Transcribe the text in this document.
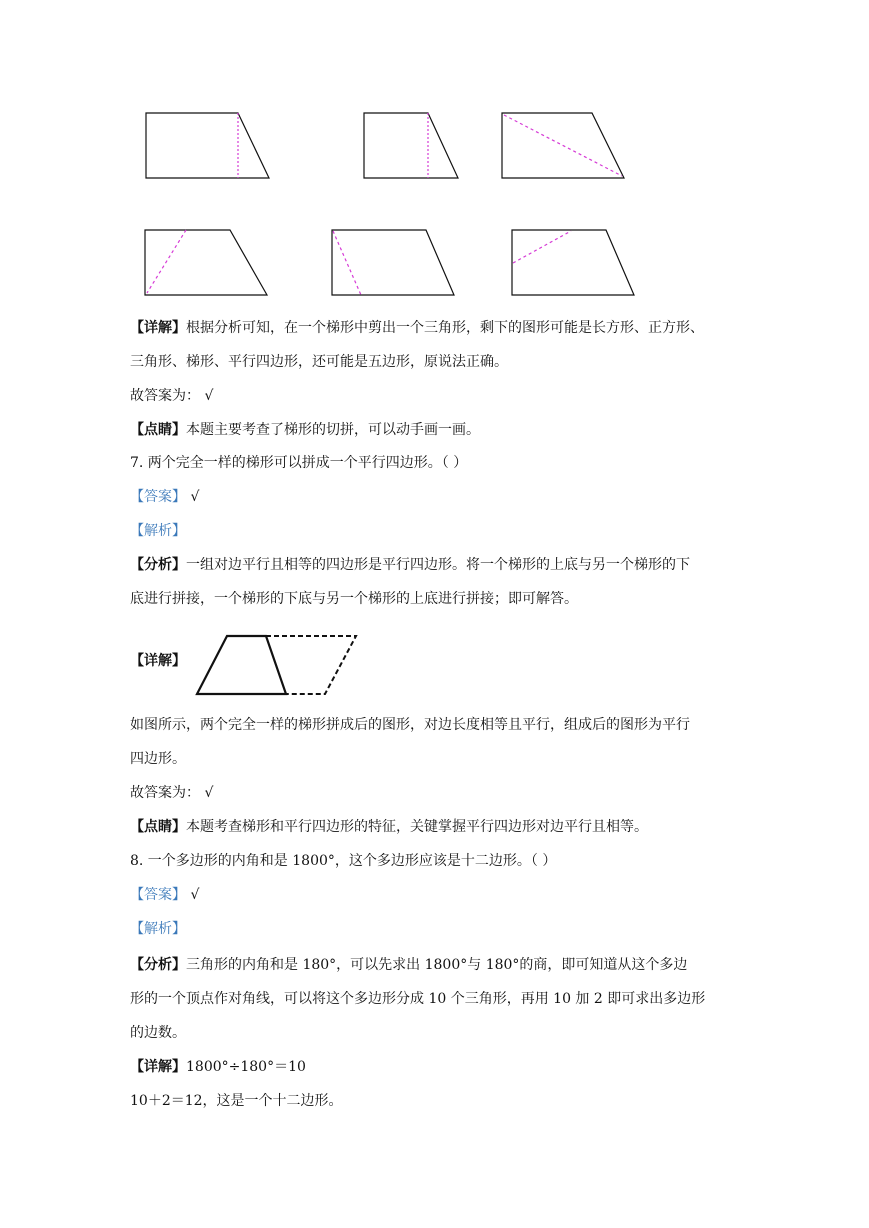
【详解】根据分析可知，在一个梯形中剪出一个三角形，剩下的图形可能是长方形、正方形、
三角形、梯形、平行四边形，还可能是五边形，原说法正确。
故答案为： √
【点睛】本题主要考查了梯形的切拼，可以动手画一画。
7. 两个完全一样的梯形可以拼成一个平行四边形。（ ）
【答案】 √
【解析】
【分析】一组对边平行且相等的四边形是平行四边形。将一个梯形的上底与另一个梯形的下
底进行拼接，一个梯形的下底与另一个梯形的上底进行拼接；即可解答。
【详解】
如图所示，两个完全一样的梯形拼成后的图形，对边长度相等且平行，组成后的图形为平行
四边形。
故答案为： √
【点睛】本题考查梯形和平行四边形的特征，关键掌握平行四边形对边平行且相等。
8. 一个多边形的内角和是 1800°，这个多边形应该是十二边形。（ ）
【答案】 √
【解析】
【分析】三角形的内角和是 180°，可以先求出 1800°与 180°的商，即可知道从这个多边
形的一个顶点作对角线，可以将这个多边形分成 10 个三角形，再用 10 加 2 即可求出多边形
的边数。
【详解】1800°÷180°＝10
10＋2＝12，这是一个十二边形。
